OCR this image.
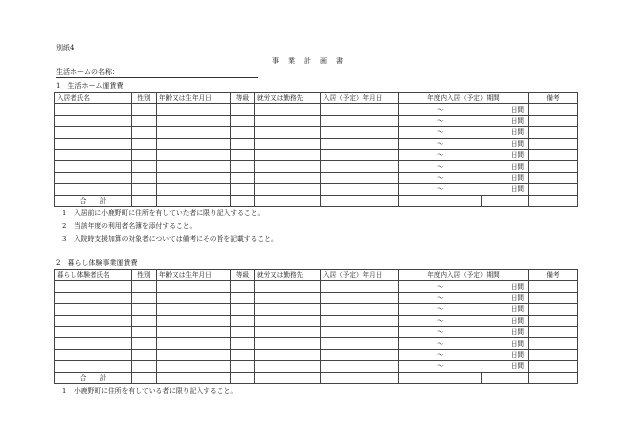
別紙4
事業計画書
生活ホームの名称：
1　生活ホーム運賃費
入居者氏名	性別	年齢又は生年月日	等級	就労又は勤務先	入居（予定）年月日	年度内入居（予定）期間		備考
						〜	日間	
						〜	日間	
						〜	日間	
						〜	日間	
						〜	日間	
						〜	日間	
						〜	日間	
						〜	日間	
合　　計								
1 入居前に小鹿野町に住所を有していた者に限り記入すること。
2 当該年度の利用者名簿を添付すること。
3 入院時支援加算の対象者については備考にその旨を記載すること。
2　暮らし体験事業運賃費
暮らし体験者氏名	性別	年齢又は生年月日	等級	就労又は勤務先	入居（予定）年月日	年度内入居（予定）期間		備考
						〜	日間	
						〜	日間	
						〜	日間	
						〜	日間	
						〜	日間	
						〜	日間	
						〜	日間	
						〜	日間	
合　　計								
1 小鹿野町に住所を有している者に限り記入すること。
